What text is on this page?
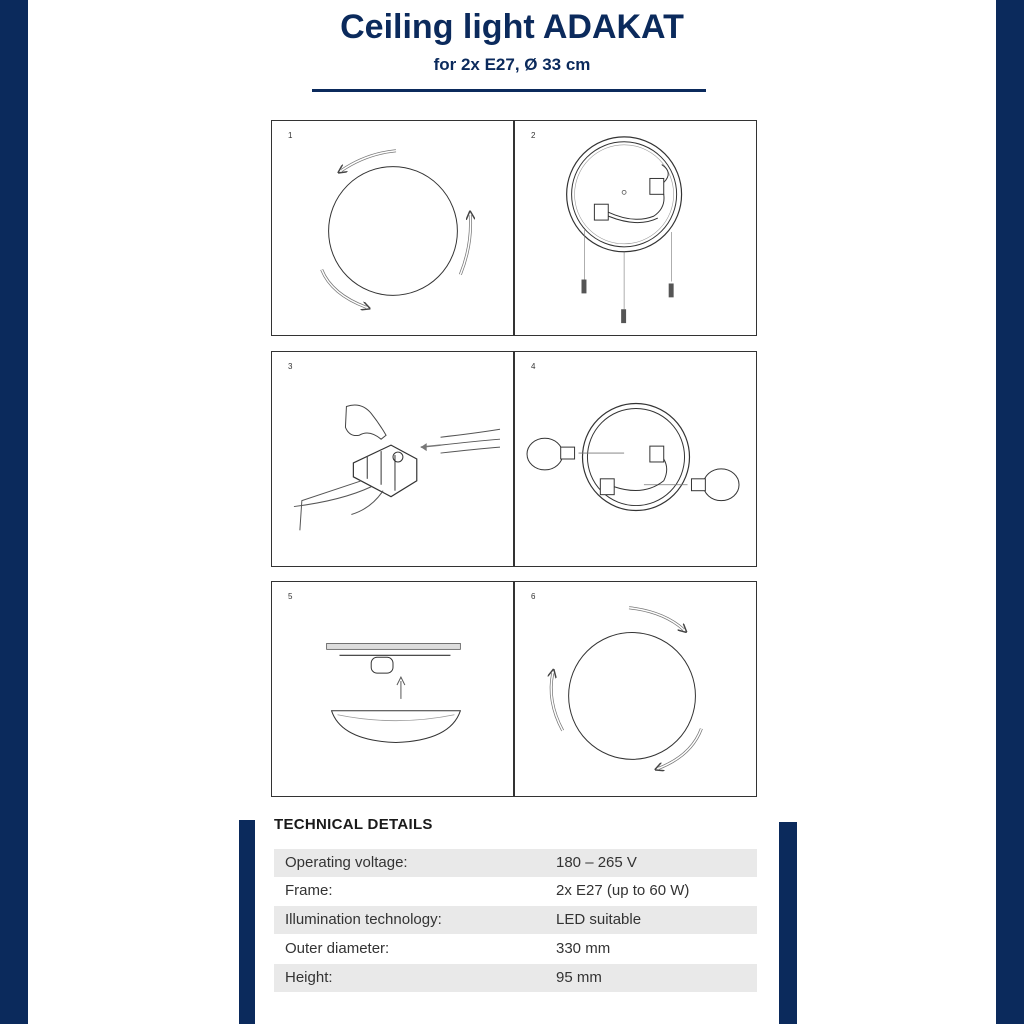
Ceiling light ADAKAT
for 2x E27, Ø 33 cm
1	2
3	4
5	6
TECHNICAL DETAILS
Operating voltage:	180 – 265 V
Frame:	2x E27 (up to 60 W)
Illumination technology:	LED suitable
Outer diameter:	330 mm
Height:	95 mm
